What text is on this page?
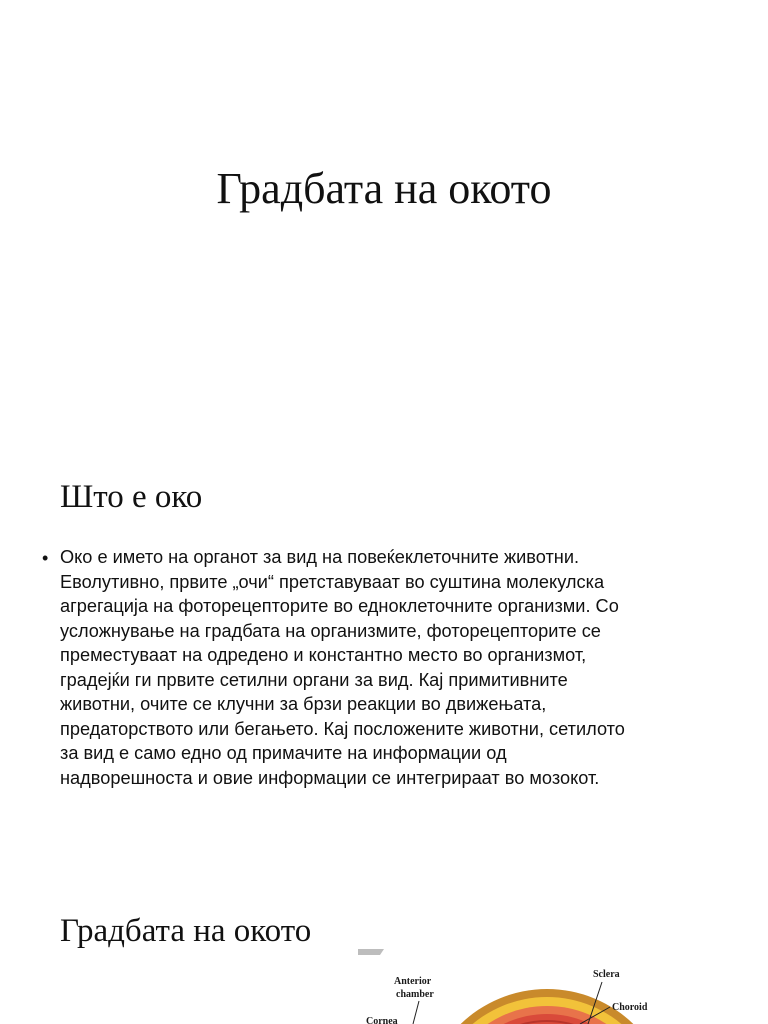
Градбата на окото
Што е око
• Око е името на органот за вид на повеќеклеточните животни.
Еволутивно, првите „очи“ претставуваат во суштина молекулска
агрегација на фоторецепторите во едноклеточните организми. Со
усложнување на градбата на организмите, фоторецепторите се
преместуваат на одредено и константно место во организмот,
градејќи ги првите сетилни органи за вид. Кај примитивните
животни, очите се клучни за брзи реакции во движењата,
предаторството или бегањето. Кај посложените животни, сетилото
за вид е само едно од примачите на информации од
надворешноста и овие информации се интегрираат во мозокот.
Градбата на окото
Anterior
chamber
Cornea
Sclera
Choroid
